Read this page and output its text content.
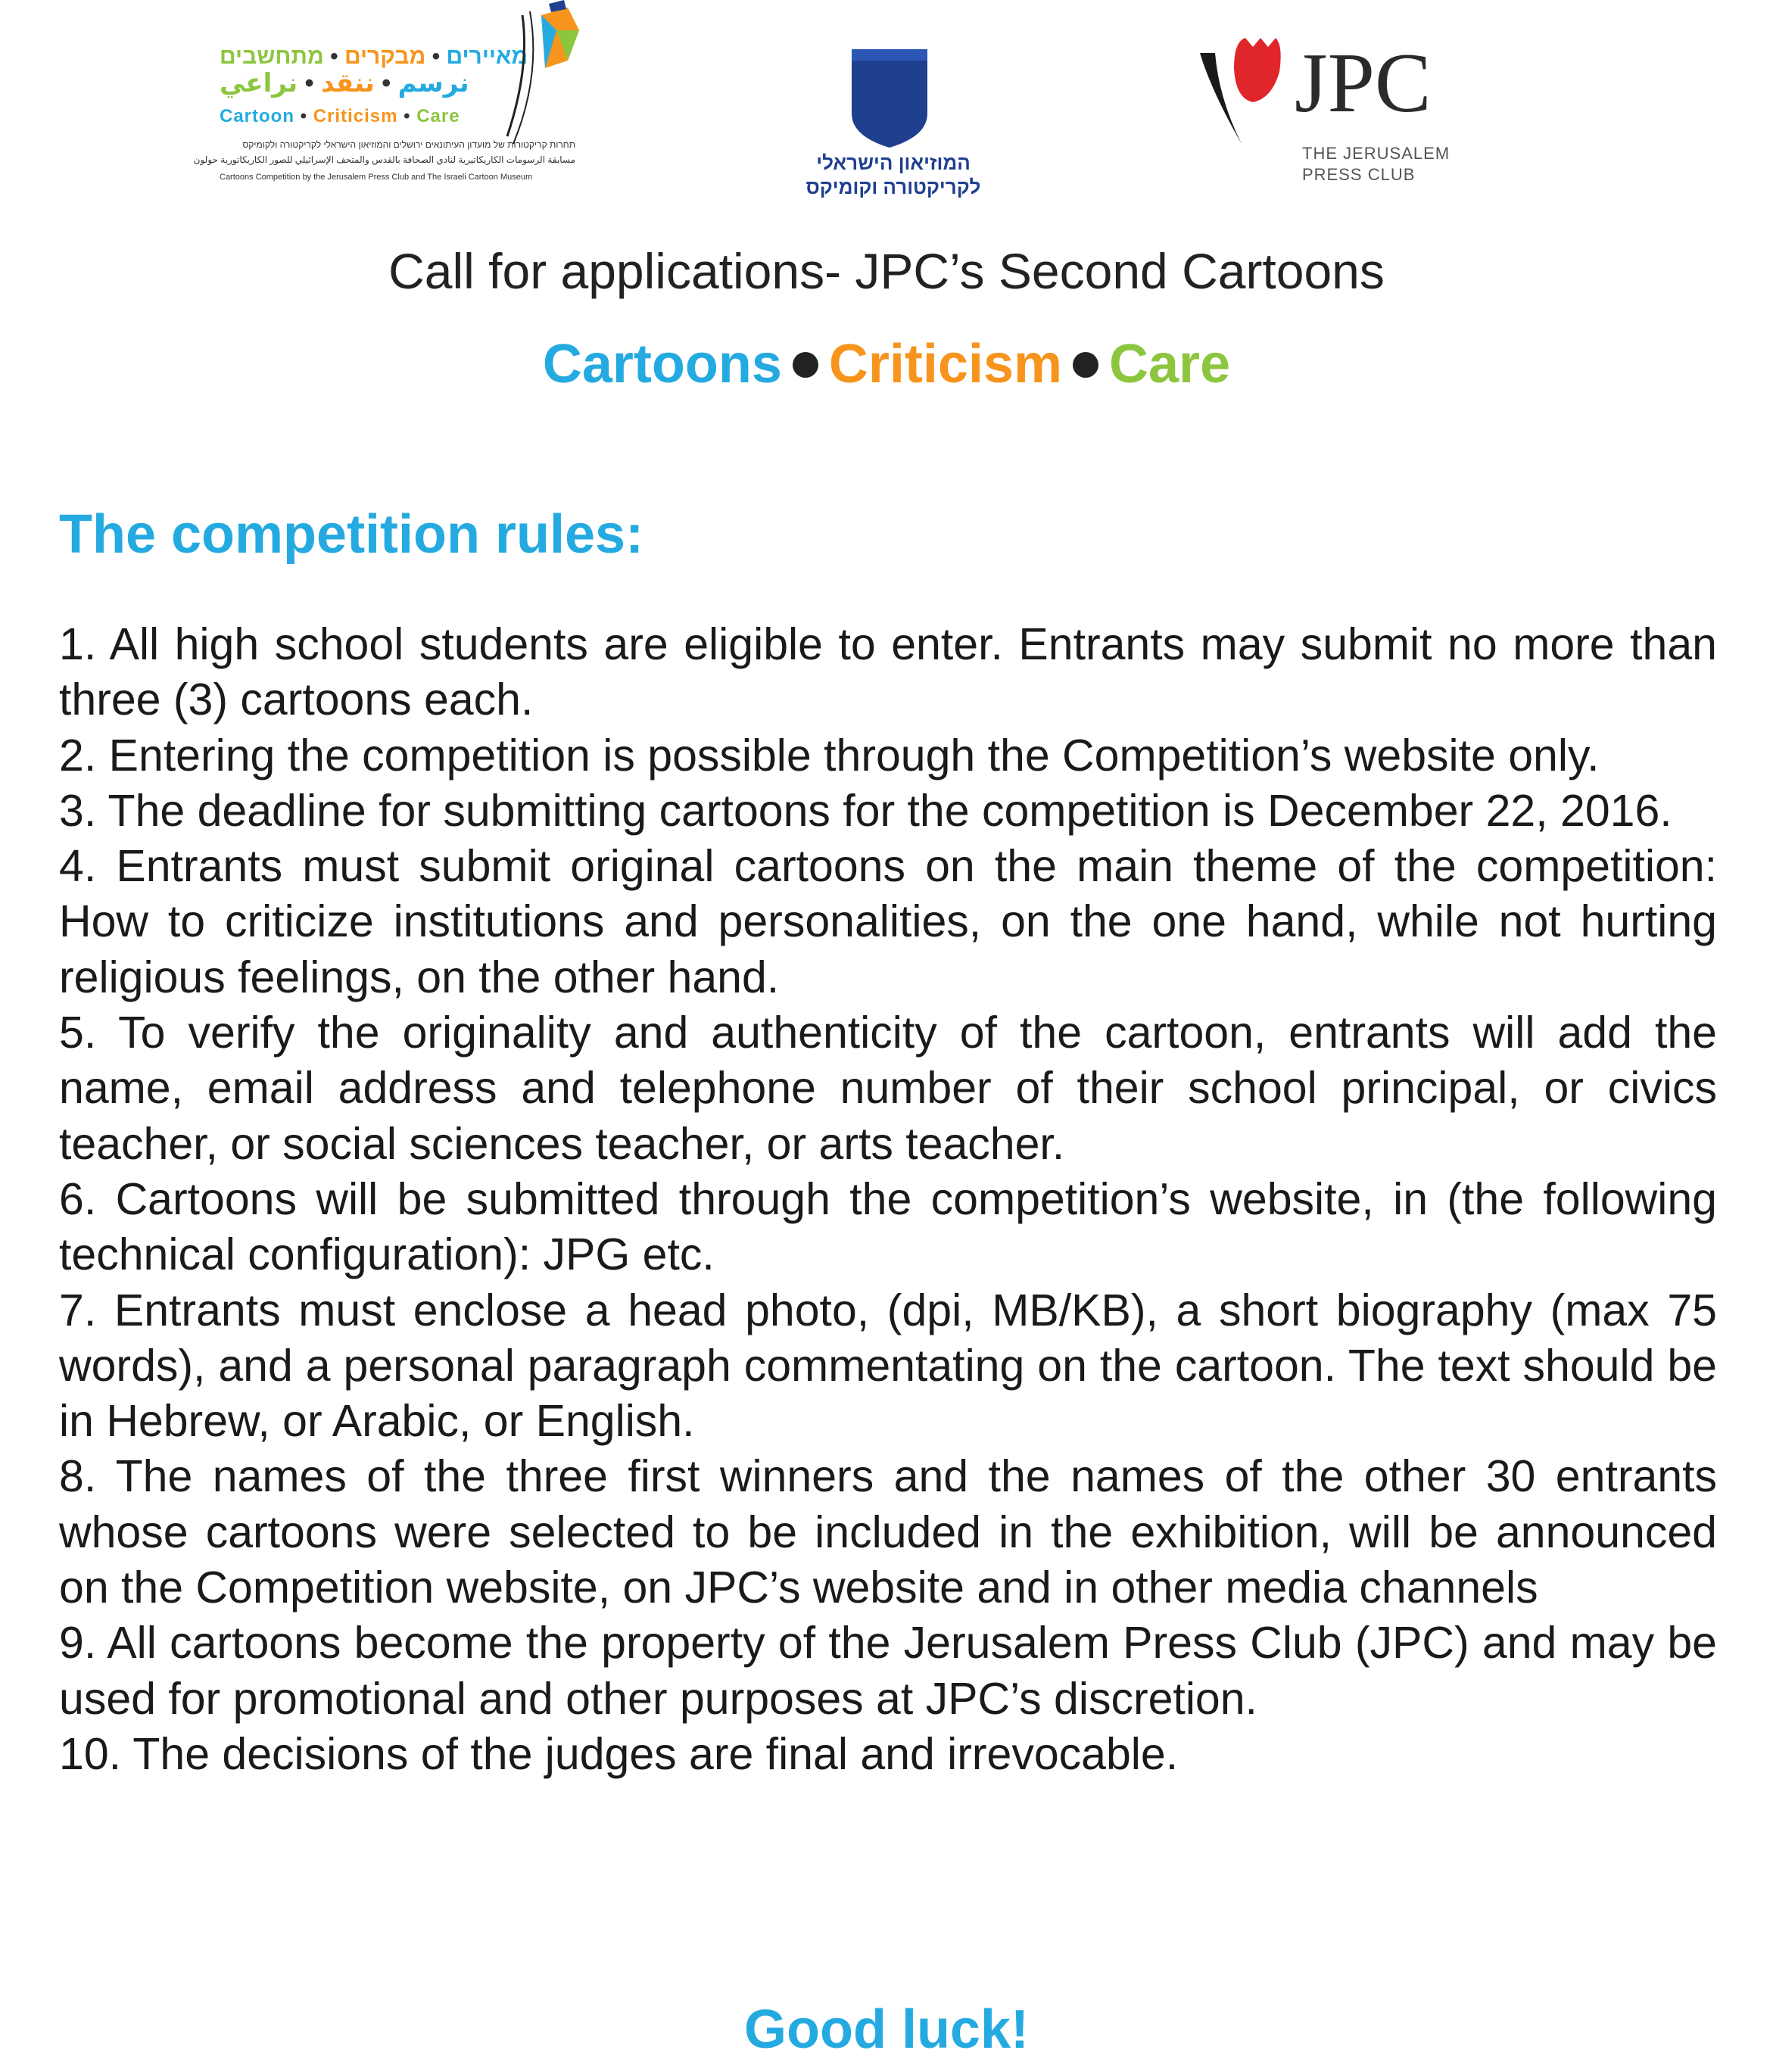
מאיירים • מבקרים • מתחשבים
نرسم • ننقد • نراعي
Cartoon • Criticism • Care
תחרות קריקטורות של מועדון העיתונאים ירושלים והמוזיאון הישראלי לקריקטורה ולקומיקס
مسابقة الرسومات الكاريكاتيرية لنادي الصحافة بالقدس والمتحف الإسرائيلي للصور الكاريكاتورية حولون
Cartoons Competition by the Jerusalem Press Club and The Israeli Cartoon Museum
המוזיאון הישראלי
לקריקטורה וקומיקס
JPC
THE JERUSALEM
PRESS CLUB
Call for applications- JPC’s Second Cartoons
Cartoons Criticism Care
The competition rules:

1. All high school students are eligible to enter. Entrants may submit no more than three (3) cartoons each.

2. Entering the competition is possible through the Competition’s website only.

3. The deadline for submitting cartoons for the competition is December 22, 2016.

4. Entrants must submit original cartoons on the main theme of the competition: How to criticize institutions and personalities, on the one hand, while not hurting religious feelings, on the other hand.

5. To verify the originality and authenticity of the cartoon, entrants will add the name, email address and telephone number of their school principal, or civics teacher, or social sciences teacher, or arts teacher.

6. Cartoons will be submitted through the competition’s website, in (the following technical configuration): JPG etc.

7. Entrants must enclose a head photo, (dpi, MB/KB), a short biography (max 75 words), and a personal paragraph commentating on the cartoon. The text should be in Hebrew, or Arabic, or English.

8. The names of the three first winners and the names of the other 30 entrants whose cartoons were selected to be included in the exhibition, will be announced on the Competition website, on JPC’s website and in other media channels

9. All cartoons become the property of the Jerusalem Press Club (JPC) and may be used for promotional and other purposes at JPC’s discretion.

10. The decisions of the judges are final and irrevocable.

Good luck!
